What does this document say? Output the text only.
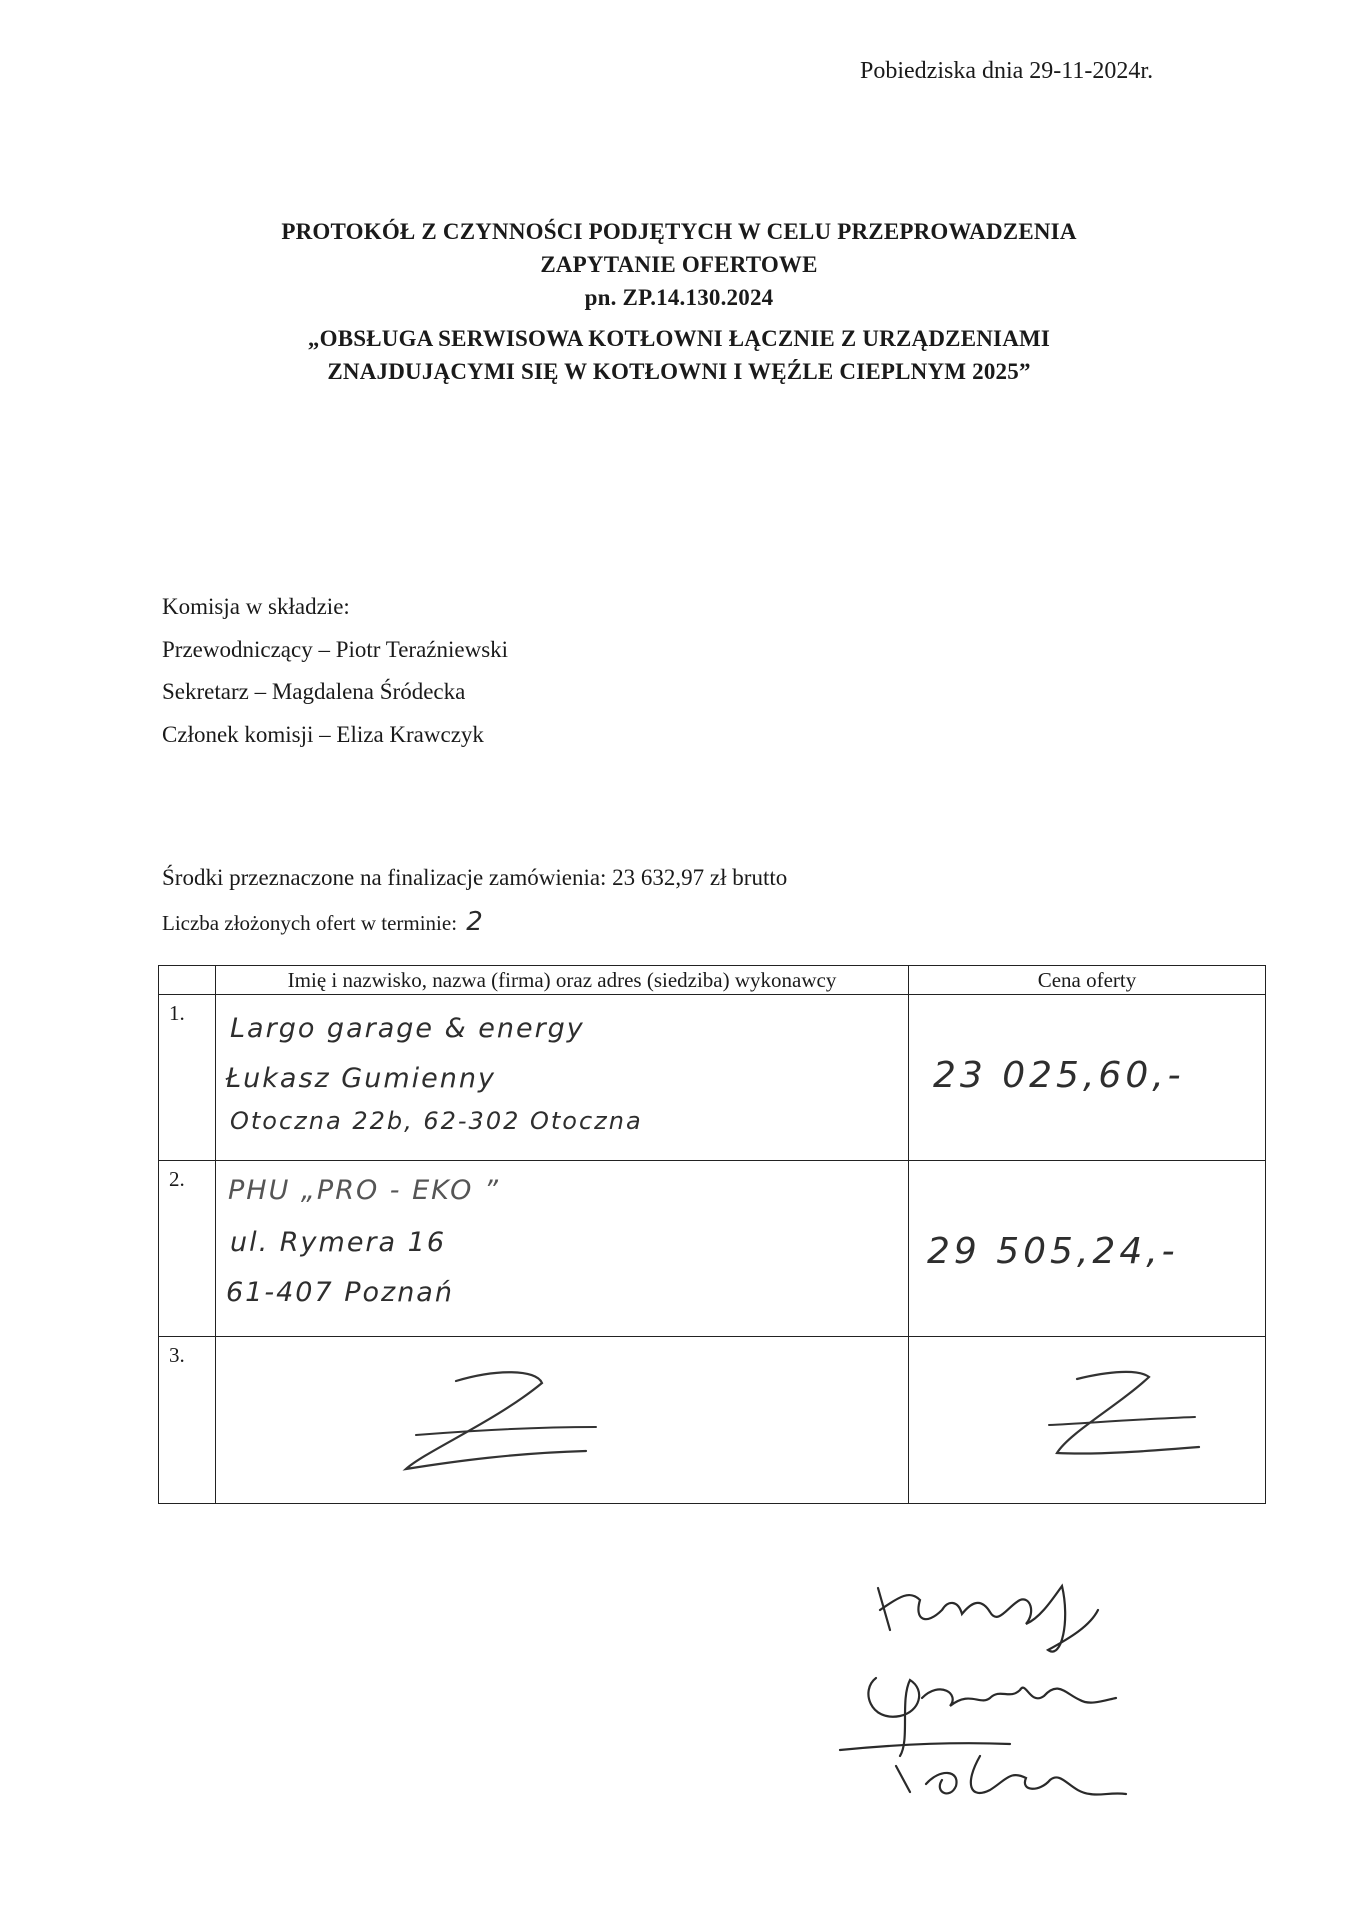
Pobiedziska dnia 29-11-2024r.
PROTOKÓŁ Z CZYNNOŚCI PODJĘTYCH W CELU PRZEPROWADZENIA
ZAPYTANIE OFERTOWE
pn. ZP.14.130.2024
„OBSŁUGA SERWISOWA KOTŁOWNI ŁĄCZNIE Z URZĄDZENIAMI
ZNAJDUJĄCYMI SIĘ W KOTŁOWNI I WĘŹLE CIEPLNYM 2025”
Komisja w składzie:
Przewodniczący – Piotr Teraźniewski
Sekretarz – Magdalena Śródecka
Członek komisji – Eliza Krawczyk
Środki przeznaczone na finalizacje zamówienia: 23 632,97 zł brutto
Liczba złożonych ofert w terminie: 2
	Imię i nazwisko, nazwa (firma) oraz adres (siedziba) wykonawcy	Cena oferty
1.	Largo garage & energy
Łukasz Gumienny
Otoczna 22b, 62-302 Otoczna	23 025,60,-

2.	PHU „PRO - EKO ”
ul. Rymera 16
61-407 Poznań	29 505,24,-

3.	
